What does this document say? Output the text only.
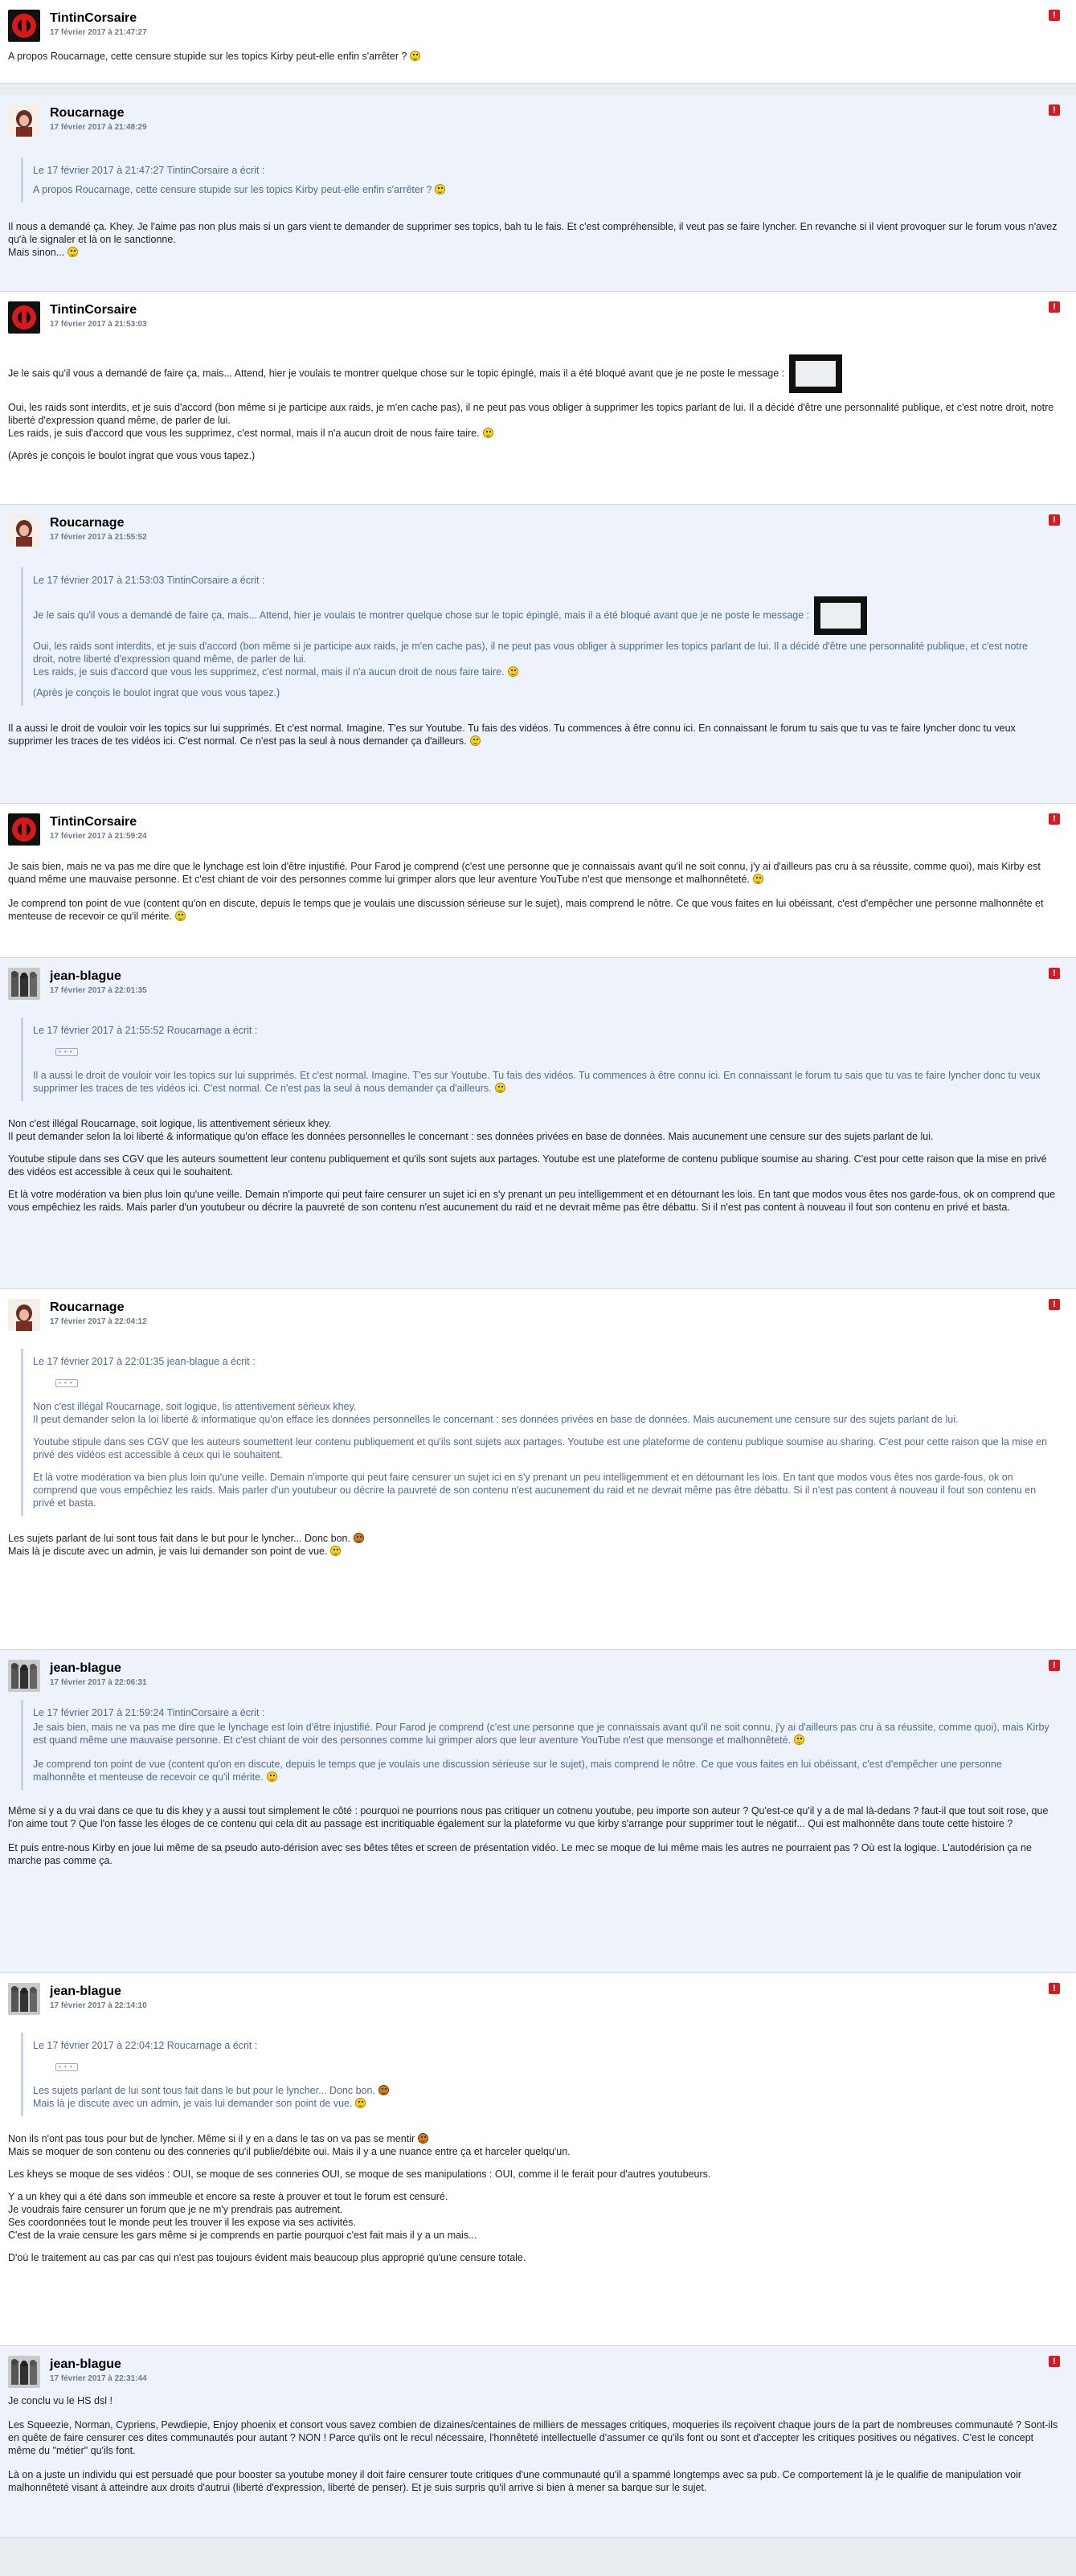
TintinCorsaire
17 février 2017 à 21:47:27
!

A propos Roucarnage, cette censure stupide sur les topics Kirby peut-elle enfin s'arrêter ?

Roucarnage
17 février 2017 à 21:48:29
!

Le 17 février 2017 à 21:47:27 TintinCorsaire a écrit :

A propos Roucarnage, cette censure stupide sur les topics Kirby peut-elle enfin s'arrêter ?

Il nous a demandé ça. Khey. Je l'aime pas non plus mais si un gars vient te demander de supprimer ses topics, bah tu le fais. Et c'est compréhensible, il veut pas se faire lyncher. En revanche si il vient provoquer sur le forum vous n'avez qu'à le signaler et là on le sanctionne.

Mais sinon...

TintinCorsaire
17 février 2017 à 21:53:03
!

Je le sais qu'il vous a demandé de faire ça, mais... Attend, hier je voulais te montrer quelque chose sur le topic épinglé, mais il a été bloqué avant que je ne poste le message :

Oui, les raids sont interdits, et je suis d'accord (bon même si je participe aux raids, je m'en cache pas), il ne peut pas vous obliger à supprimer les topics parlant de lui. Il a décidé d'être une personnalité publique, et c'est notre droit, notre liberté d'expression quand même, de parler de lui.

Les raids, je suis d'accord que vous les supprimez, c'est normal, mais il n'a aucun droit de nous faire taire.

(Après je conçois le boulot ingrat que vous vous tapez.)

Roucarnage
17 février 2017 à 21:55:52
!

Le 17 février 2017 à 21:53:03 TintinCorsaire a écrit :

Je le sais qu'il vous a demandé de faire ça, mais... Attend, hier je voulais te montrer quelque chose sur le topic épinglé, mais il a été bloqué avant que je ne poste le message :

Oui, les raids sont interdits, et je suis d'accord (bon même si je participe aux raids, je m'en cache pas), il ne peut pas vous obliger à supprimer les topics parlant de lui. Il a décidé d'être une personnalité publique, et c'est notre droit, notre liberté d'expression quand même, de parler de lui.

Les raids, je suis d'accord que vous les supprimez, c'est normal, mais il n'a aucun droit de nous faire taire.

(Après je conçois le boulot ingrat que vous vous tapez.)

Il a aussi le droit de vouloir voir les topics sur lui supprimés. Et c'est normal. Imagine. T'es sur Youtube. Tu fais des vidéos. Tu commences à être connu ici. En connaissant le forum tu sais que tu vas te faire lyncher donc tu veux supprimer les traces de tes vidéos ici. C'est normal. Ce n'est pas la seul à nous demander ça d'ailleurs.

TintinCorsaire
17 février 2017 à 21:59:24
!

Je sais bien, mais ne va pas me dire que le lynchage est loin d'être injustifié. Pour Farod je comprend (c'est une personne que je connaissais avant qu'il ne soit connu, j'y ai d'ailleurs pas cru à sa réussite, comme quoi), mais Kirby est quand même une mauvaise personne. Et c'est chiant de voir des personnes comme lui grimper alors que leur aventure YouTube n'est que mensonge et malhonnêteté.

Je comprend ton point de vue (content qu'on en discute, depuis le temps que je voulais une discussion sérieuse sur le sujet), mais comprend le nôtre. Ce que vous faites en lui obéissant, c'est d'empêcher une personne malhonnête et menteuse de recevoir ce qu'il mérite.

jean-blague
17 février 2017 à 22:01:35
!

Le 17 février 2017 à 21:55:52 Roucarnage a écrit :

• • •

Il a aussi le droit de vouloir voir les topics sur lui supprimés. Et c'est normal. Imagine. T'es sur Youtube. Tu fais des vidéos. Tu commences à être connu ici. En connaissant le forum tu sais que tu vas te faire lyncher donc tu veux supprimer les traces de tes vidéos ici. C'est normal. Ce n'est pas la seul à nous demander ça d'ailleurs.

Non c'est illégal Roucarnage, soit logique, lis attentivement sérieux khey.

Il peut demander selon la loi liberté & informatique qu'on efface les données personnelles le concernant : ses données privées en base de données. Mais aucunement une censure sur des sujets parlant de lui.

Youtube stipule dans ses CGV que les auteurs soumettent leur contenu publiquement et qu'ils sont sujets aux partages. Youtube est une plateforme de contenu publique soumise au sharing. C'est pour cette raison que la mise en privé des vidéos est accessible à ceux qui le souhaitent.

Et là votre modération va bien plus loin qu'une veille. Demain n'importe qui peut faire censurer un sujet ici en s'y prenant un peu intelligemment et en détournant les lois. En tant que modos vous êtes nos garde-fous, ok on comprend que vous empêchiez les raids. Mais parler d'un youtubeur ou décrire la pauvreté de son contenu n'est aucunement du raid et ne devrait même pas être débattu. Si il n'est pas content à nouveau il fout son contenu en privé et basta.

Roucarnage
17 février 2017 à 22:04:12
!

Le 17 février 2017 à 22:01:35 jean-blague a écrit :

• • •

Non c'est illégal Roucarnage, soit logique, lis attentivement sérieux khey.

Il peut demander selon la loi liberté & informatique qu'on efface les données personnelles le concernant : ses données privées en base de données. Mais aucunement une censure sur des sujets parlant de lui.

Youtube stipule dans ses CGV que les auteurs soumettent leur contenu publiquement et qu'ils sont sujets aux partages. Youtube est une plateforme de contenu publique soumise au sharing. C'est pour cette raison que la mise en privé des vidéos est accessible à ceux qui le souhaitent.

Et là votre modération va bien plus loin qu'une veille. Demain n'importe qui peut faire censurer un sujet ici en s'y prenant un peu intelligemment et en détournant les lois. En tant que modos vous êtes nos garde-fous, ok on comprend que vous empêchiez les raids. Mais parler d'un youtubeur ou décrire la pauvreté de son contenu n'est aucunement du raid et ne devrait même pas être débattu. Si il n'est pas content à nouveau il fout son contenu en privé et basta.

Les sujets parlant de lui sont tous fait dans le but pour le lyncher... Donc bon.

Mais là je discute avec un admin, je vais lui demander son point de vue.

jean-blague
17 février 2017 à 22:06:31
!

Le 17 février 2017 à 21:59:24 TintinCorsaire a écrit :

Je sais bien, mais ne va pas me dire que le lynchage est loin d'être injustifié. Pour Farod je comprend (c'est une personne que je connaissais avant qu'il ne soit connu, j'y ai d'ailleurs pas cru à sa réussite, comme quoi), mais Kirby est quand même une mauvaise personne. Et c'est chiant de voir des personnes comme lui grimper alors que leur aventure YouTube n'est que mensonge et malhonnêteté.

Je comprend ton point de vue (content qu'on en discute, depuis le temps que je voulais une discussion sérieuse sur le sujet), mais comprend le nôtre. Ce que vous faites en lui obéissant, c'est d'empêcher une personne malhonnête et menteuse de recevoir ce qu'il mérite.

Même si y a du vrai dans ce que tu dis khey y a aussi tout simplement le côté : pourquoi ne pourrions nous pas critiquer un cotnenu youtube, peu importe son auteur ? Qu'est-ce qu'il y a de mal là-dedans ? faut-il que tout soit rose, que l'on aime tout ? Que l'on fasse les éloges de ce contenu qui cela dit au passage est incritiquable également sur la plateforme vu que kirby s'arrange pour supprimer tout le négatif... Qui est malhonnête dans toute cette histoire ?

Et puis entre-nous Kirby en joue lui même de sa pseudo auto-dérision avec ses bêtes têtes et screen de présentation vidéo. Le mec se moque de lui même mais les autres ne pourraient pas ? Où est la logique. L'autodérision ça ne marche pas comme ça.

jean-blague
17 février 2017 à 22:14:10
!

Le 17 février 2017 à 22:04:12 Roucarnage a écrit :

• • •

Les sujets parlant de lui sont tous fait dans le but pour le lyncher... Donc bon.

Mais là je discute avec un admin, je vais lui demander son point de vue.

Non ils n'ont pas tous pour but de lyncher. Même si il y en a dans le tas on va pas se mentir

Mais se moquer de son contenu ou des conneries qu'il publie/débite oui. Mais il y a une nuance entre ça et harceler quelqu'un.

Les kheys se moque de ses vidéos : OUI, se moque de ses conneries OUI, se moque de ses manipulations : OUI, comme il le ferait pour d'autres youtubeurs.

Y a un khey qui a été dans son immeuble et encore sa reste à prouver et tout le forum est censuré.

Je voudrais faire censurer un forum que je ne m'y prendrais pas autrement.

Ses coordonnées tout le monde peut les trouver il les expose via ses activités.

C'est de la vraie censure les gars même si je comprends en partie pourquoi c'est fait mais il y a un mais...

D'où le traitement au cas par cas qui n'est pas toujours évident mais beaucoup plus approprié qu'une censure totale.

jean-blague
17 février 2017 à 22:31:44
!

Je conclu vu le HS dsl !

Les Squeezie, Norman, Cypriens, Pewdiepie, Enjoy phoenix et consort vous savez combien de dizaines/centaines de milliers de messages critiques, moqueries ils reçoivent chaque jours de la part de nombreuses communauté ? Sont-ils en quête de faire censurer ces dites communautés pour autant ? NON ! Parce qu'ils ont le recul nécessaire, l'honnêteté intellectuelle d'assumer ce qu'ils font ou sont et d'accepter les critiques positives ou négatives. C'est le concept même du "métier" qu'ils font.

Là on a juste un individu qui est persuadé que pour booster sa youtube money il doit faire censurer toute critiques d'une communauté qu'il a spammé longtemps avec sa pub. Ce comportement là je le qualifie de manipulation voir malhonnêteté visant à atteindre aux droits d'autrui (liberté d'expression, liberté de penser). Et je suis surpris qu'il arrive si bien à mener sa barque sur le sujet.
